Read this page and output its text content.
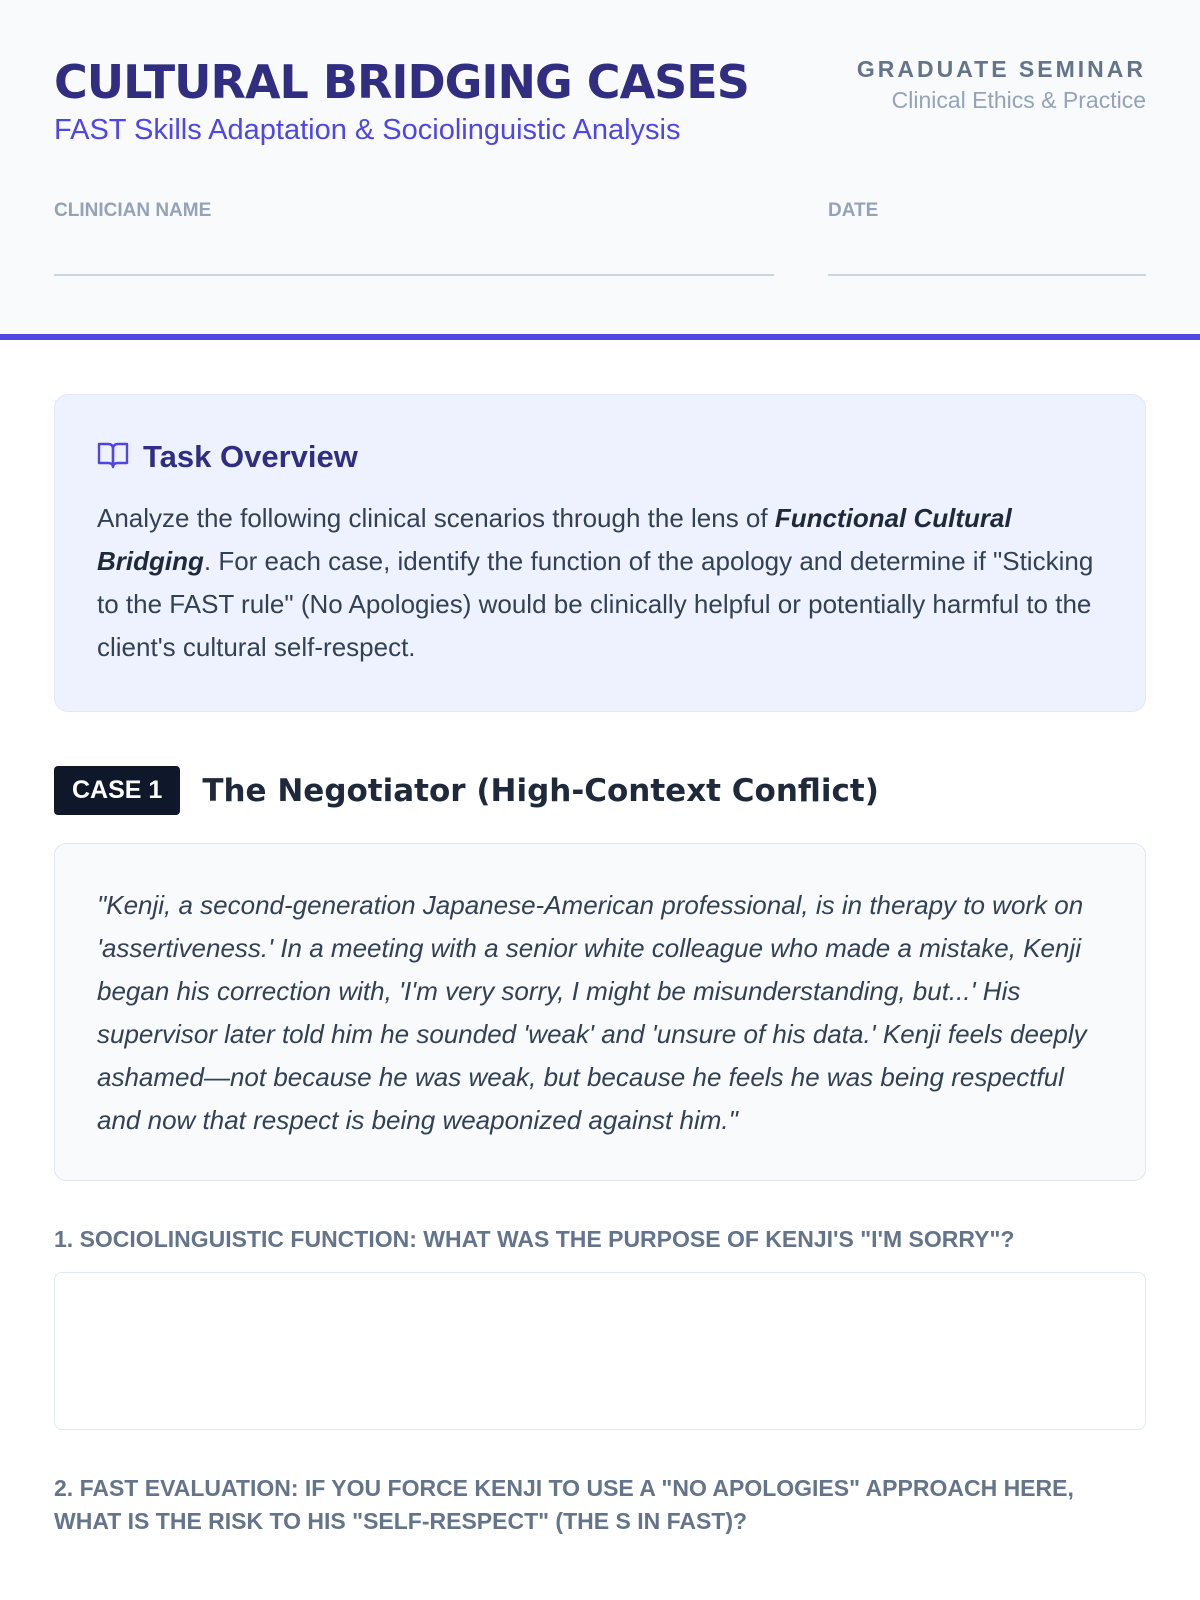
CULTURAL BRIDGING CASES
FAST Skills Adaptation & Sociolinguistic Analysis
GRADUATE SEMINAR
Clinical Ethics & Practice
CLINICIAN NAME	DATE
Task Overview

Analyze the following clinical scenarios through the lens of Functional Cultural Bridging. For each case, identify the function of the apology and determine if "Sticking to the FAST rule" (No Apologies) would be clinically helpful or potentially harmful to the client's cultural self-respect.

CASE 1	The Negotiator (High-Context Conflict)

"Kenji, a second-generation Japanese-American professional, is in therapy to work on 'assertiveness.' In a meeting with a senior white colleague who made a mistake, Kenji began his correction with, 'I'm very sorry, I might be misunderstanding, but...' His supervisor later told him he sounded 'weak' and 'unsure of his data.' Kenji feels deeply ashamed—not because he was weak, but because he feels he was being respectful and now that respect is being weaponized against him."

1. SOCIOLINGUISTIC FUNCTION: WHAT WAS THE PURPOSE OF KENJI'S "I'M SORRY"?
2. FAST EVALUATION: IF YOU FORCE KENJI TO USE A "NO APOLOGIES" APPROACH HERE, WHAT IS THE RISK TO HIS "SELF-RESPECT" (THE S IN FAST)?
